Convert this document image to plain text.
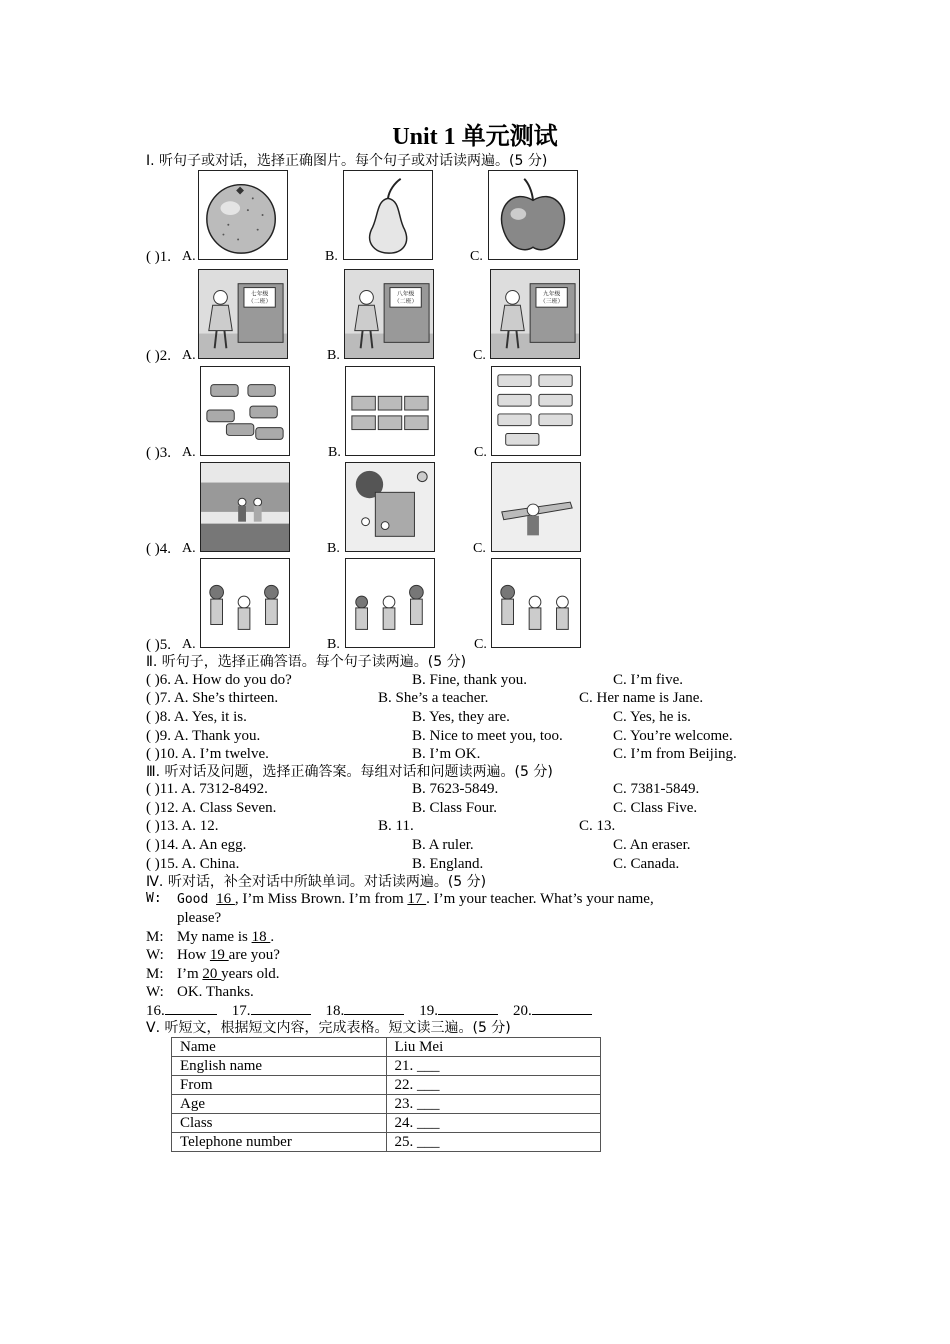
Unit 1 单元测试
Ⅰ. 听句子或对话，选择正确图片。每个句子或对话读两遍。(5 分)
( )1. A.	B.	C.
( )2. A.	B.	C.
七年级
（二班）
八年级
（二班）
九年级
（三班）
( )3. A.	B.	C.
( )4. A.	B.	C.
( )5. A.	B.	C.
Ⅱ. 听句子，选择正确答语。每个句子读两遍。(5 分)
( )6. A. How do you do?	B. Fine, thank you.	C. I’m five.
( )7. A. She’s thirteen.	B. She’s a teacher.	C. Her name is Jane.
( )8. A. Yes, it is.	B. Yes, they are.	C. Yes, he is.
( )9. A. Thank you.	B. Nice to meet you, too.	C. You’re welcome.
( )10. A. I’m twelve.	B. I’m OK.	C. I’m from Beijing.
Ⅲ. 听对话及问题，选择正确答案。每组对话和问题读两遍。(5 分)
( )11. A. 7312-8492.	B. 7623-5849.	C. 7381-5849.
( )12. A. Class Seven.	B. Class Four.	C. Class Five.
( )13. A. 12.	B. 11.	C. 13.
( )14. A. An egg.	B. A ruler.	C. An eraser.
( )15. A. China.	B. England.	C. Canada.
Ⅳ. 听对话，补全对话中所缺单词。对话读两遍。(5 分)
W: Good 16 , I’m Miss Brown. I’m from 17 . I’m your teacher. What’s your name,
please?
M: My name is 18 .
W: How 19 are you?
M: I’m 20 years old.
W: OK. Thanks.
16.	17.	18.	19.	20.
Ⅴ. 听短文，根据短文内容，完成表格。短文读三遍。(5 分)
Name	Liu Mei
English name	21. ___
From	22. ___
Age	23. ___
Class	24. ___
Telephone number	25. ___
